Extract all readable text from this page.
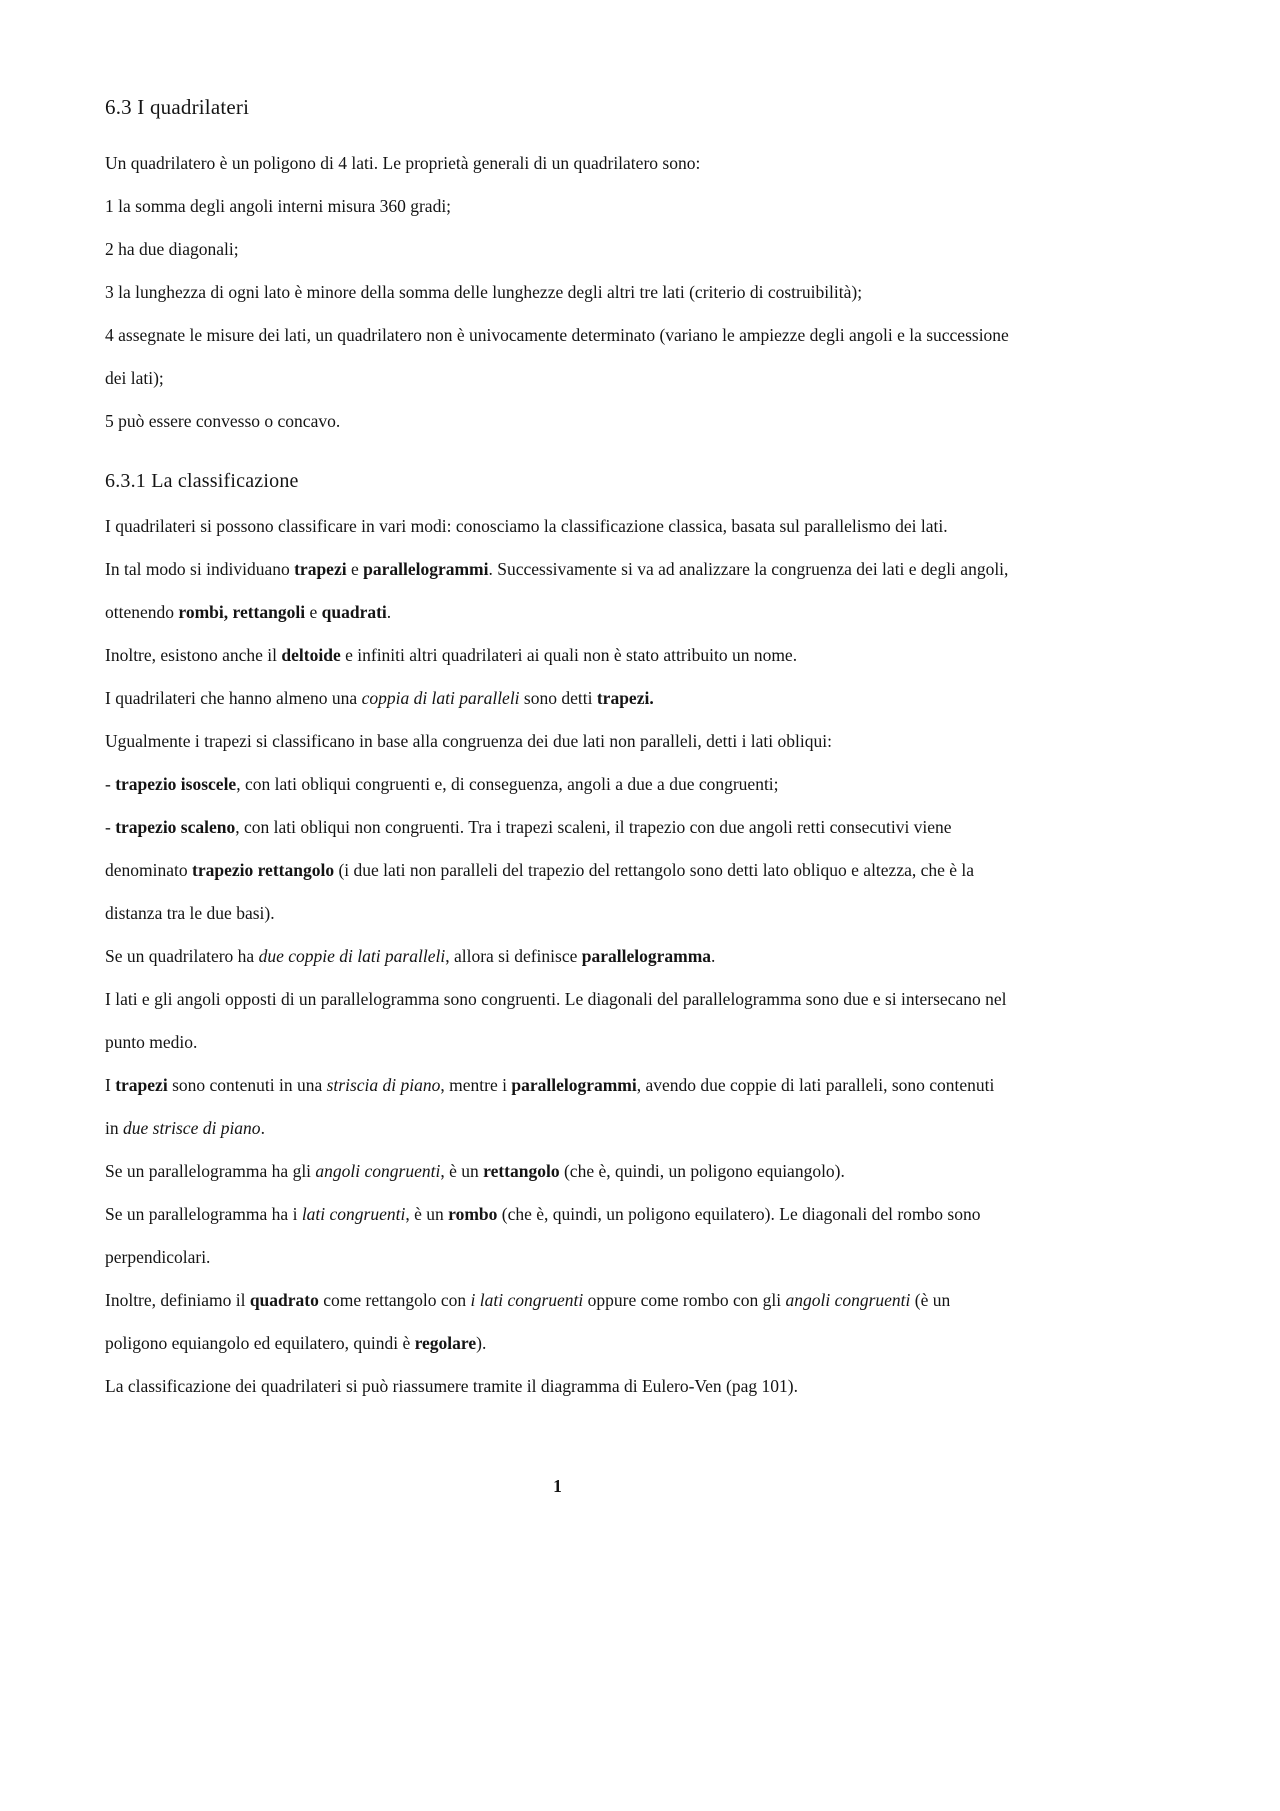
6.3 I quadrilateri

Un quadrilatero è un poligono di 4 lati. Le proprietà generali di un quadrilatero sono:

1 la somma degli angoli interni misura 360 gradi;

2 ha due diagonali;

3 la lunghezza di ogni lato è minore della somma delle lunghezze degli altri tre lati (criterio di costruibilità);

4 assegnate le misure dei lati, un quadrilatero non è univocamente determinato (variano le ampiezze degli angoli e la successione dei lati);

5 può essere convesso o concavo.

6.3.1 La classificazione

I quadrilateri si possono classificare in vari modi: conosciamo la classificazione classica, basata sul parallelismo dei lati.

In tal modo si individuano trapezi e parallelogrammi. Successivamente si va ad analizzare la congruenza dei lati e degli angoli, ottenendo rombi, rettangoli e quadrati.

Inoltre, esistono anche il deltoide e infiniti altri quadrilateri ai quali non è stato attribuito un nome.

I quadrilateri che hanno almeno una coppia di lati paralleli sono detti trapezi.

Ugualmente i trapezi si classificano in base alla congruenza dei due lati non paralleli, detti i lati obliqui:

- trapezio isoscele, con lati obliqui congruenti e, di conseguenza, angoli a due a due congruenti;

- trapezio scaleno, con lati obliqui non congruenti. Tra i trapezi scaleni, il trapezio con due angoli retti consecutivi viene denominato trapezio rettangolo (i due lati non paralleli del trapezio del rettangolo sono detti lato obliquo e altezza, che è la distanza tra le due basi).

Se un quadrilatero ha due coppie di lati paralleli, allora si definisce parallelogramma.

I lati e gli angoli opposti di un parallelogramma sono congruenti. Le diagonali del parallelogramma sono due e si intersecano nel punto medio.

I trapezi sono contenuti in una striscia di piano, mentre i parallelogrammi, avendo due coppie di lati paralleli, sono contenuti in due strisce di piano.

Se un parallelogramma ha gli angoli congruenti, è un rettangolo (che è, quindi, un poligono equiangolo).

Se un parallelogramma ha i lati congruenti, è un rombo (che è, quindi, un poligono equilatero). Le diagonali del rombo sono perpendicolari.

Inoltre, definiamo il quadrato come rettangolo con i lati congruenti oppure come rombo con gli angoli congruenti (è un poligono equiangolo ed equilatero, quindi è regolare).

La classificazione dei quadrilateri si può riassumere tramite il diagramma di Eulero-Ven (pag 101).

1
